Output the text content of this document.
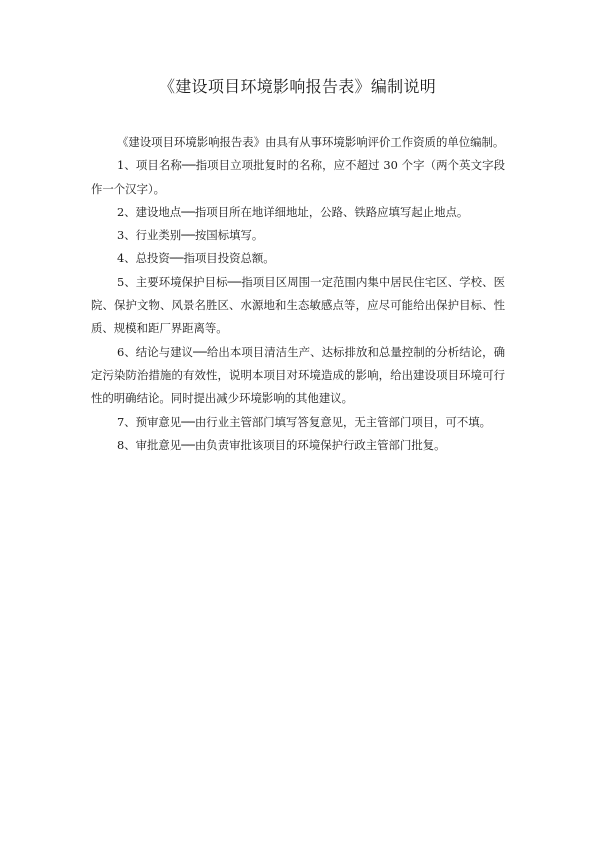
《建设项目环境影响报告表》编制说明

《建设项目环境影响报告表》由具有从事环境影响评价工作资质的单位编制。

1、项目名称──指项目立项批复时的名称，应不超过 30 个字（两个英文字段作一个汉字）。

2、建设地点──指项目所在地详细地址，公路、铁路应填写起止地点。

3、行业类别──按国标填写。

4、总投资──指项目投资总额。

5、主要环境保护目标──指项目区周围一定范围内集中居民住宅区、学校、医院、保护文物、风景名胜区、水源地和生态敏感点等，应尽可能给出保护目标、性质、规模和距厂界距离等。

6、结论与建议──给出本项目清洁生产、达标排放和总量控制的分析结论，确定污染防治措施的有效性，说明本项目对环境造成的影响，给出建设项目环境可行性的明确结论。同时提出减少环境影响的其他建议。

7、预审意见──由行业主管部门填写答复意见，无主管部门项目，可不填。

8、审批意见──由负责审批该项目的环境保护行政主管部门批复。
